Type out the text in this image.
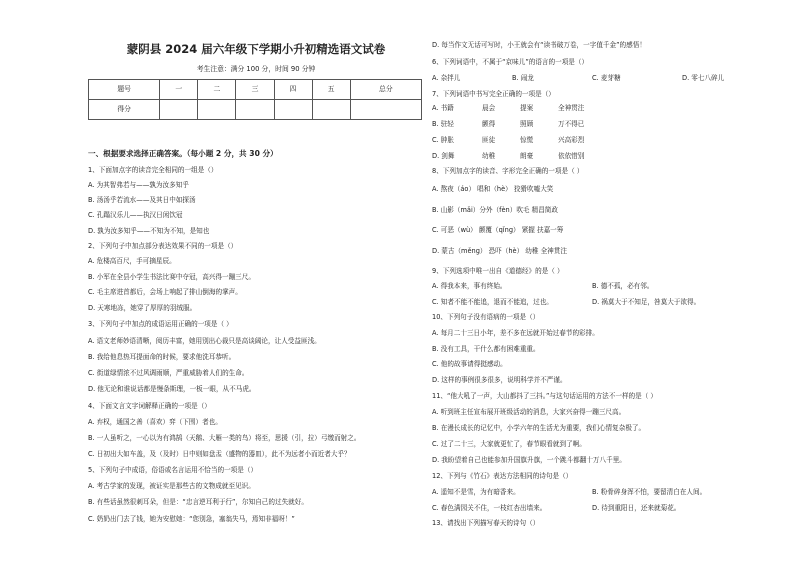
蒙阴县 2024 届六年级下学期小升初精选语文试卷
考生注意：满分 100 分，时间 90 分钟
题号	一	二	三	四	五	总分
得分						
一、根据要求选择正确答案。（每小题 2 分，共 30 分）
1、下面加点字的读音完全相同的一组是（）
A. 为其智弗若与——孰为汝多知乎
B. 汤汤乎若流水——及其日中如探汤
C. 孔蹋汉乐儿——执汉日闲饮冠
D. 孰为汝多知乎——不知为不知，是知也
2、下列句子中加点部分表达效果不同的一项是（）
A. 危楼高百尺，手可摘星辰。
B. 小军在全县小学生书法比赛中夺冠，高兴得一蹦三尺。
C. 毛主席进首都后，会场上响起了排山倒海的掌声。
D. 天寒地冻，她穿了厚厚的羽绒服。
3、下列句子中加点的成语运用正确的一项是（ ）
A. 语文老师妙语清晰，阅历丰富，她用别出心裁只是高谈阔论，让人受益匪浅。
B. 我给他息热耳提面命的时候，要求他洗耳恭听。
C. 街道绿情浓不过风调雨顺，严重威胁着人们的生命。
D. 他无论和谁说话都是慢条斯理，一板一眼，从不马虎。
4、下面文言文字词解释正确的一项是（）
A. 弃权，通国之善（喜欢）弈（下围）者也。
B. 一人虽听之，一心以为有鸿鹄（天鹅、大雁一类的鸟）将至，思援（引，拉）弓缴而射之。
C. 日初出大如车盖，及（及时）日中则如盘盂（盛物的器皿），此不为远者小而近者大乎？
5、下列句子中成语，俗语或名言运用不恰当的一项是（）
A. 考古学家的发现，被证实是那些古的文物成就至见识。
B. 有些话虽然很刺耳朵，但是：“忠言逆耳利于行”，尔知自己的过失就好。
C. 奶奶出门去了钱，她为安慰她：“您别急，塞翁失马，焉知非福呀！”
D. 每当作文无话可写时，小王就会有“读书破万卷，一字值千金”的感悟！
6、下列词语中，不属于“京味儿”的语言的一项是（）
A. 杂拌儿	B. 闹龙	C. 麦芽糖	D. 零七八碎儿
7、下列词语中书写完全正确的一项是（）
A. 书籍	晨会	提案	全神贯注
B. 驻轻	颤得	照顾	万不得已
C. 肿胀	匪徒	惊慌	兴高彩烈
D. 剑舞	幼稚	朗豪	依依惜别
8、下列加点字的读音、字形完全正确的一项是（ ）
A. 熬夜（áo） 唱和（hè） 狡猾吹嘘大笑
B. 山影（mǎi）分外（fèn）吹毛 精昌简政
C. 可恶（wù） 颤覆（qǐng） 紧握 扶嘉一筹
D. 蒙古（měng） 恐吓（hè） 幼稚 全神贯注
9、下列选项中唯一出自《道德经》的是（ ）
A. 得我本来，事有终始。	B. 德不孤，必有邻。
C. 知者不能不能追，退而不能追，过也。	D. 祸莫大于不知足，咎莫大于欲得。
10、下列句子没有语病的一项是（）
A. 每月二十三日小年，差不多在远就开始过春节的彩排。
B. 没有工具，干什么都有困难重重。
C. 他的故事请得挺感动。
D. 这样的事例很多很多，说明科学并不严谨。
11、“他大吼了一声，大山都抖了三抖。”与这句话运用的方法不一样的是（ ）
A. 听到班主任宣布展开班级活动的消息，大家兴奋得一蹦三尺高。
B. 在漫长成长的记忆中，小学六年的生活尤为重要，我们心情复杂极了。
C. 过了二十三，大家就更忙了，春节眼看就到了啊。
D. 我盼望着自己也能参加升国旗升旗，一个跳斗都翻十万八千里。
12、下列与《竹石》表达方法相同的诗句是（）
A. 遥知不是雪，为有暗香来。	B. 粉骨碎身浑不怕，要留清白在人间。
C. 春色满园关不住，一枝红杏出墙来。	D. 待到重阳日，还来就菊花。
13、请找出下列描写春天的诗句（）
